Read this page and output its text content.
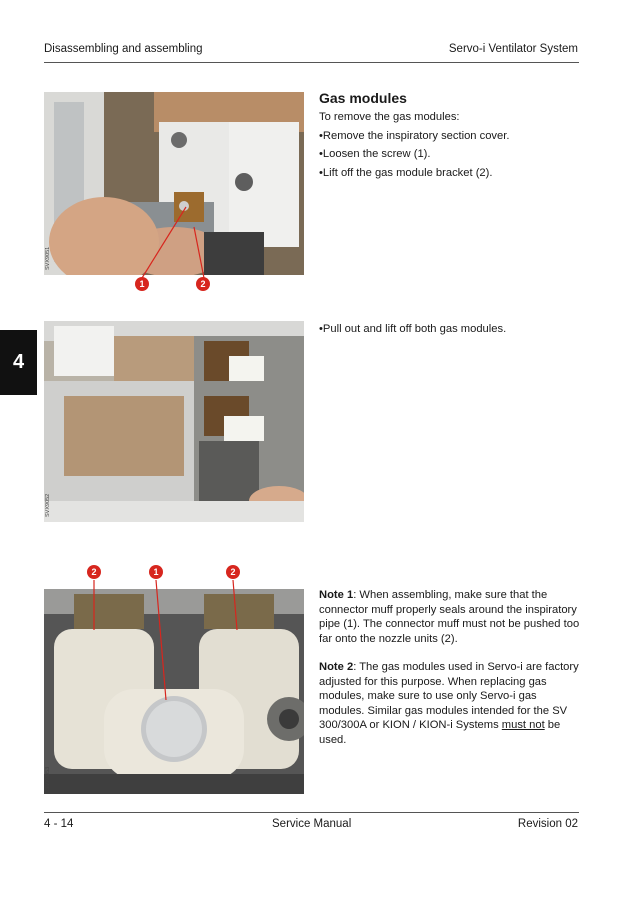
Disassembling and assembling	Servo-i Ventilator System
4
SVX9051
1	2
Gas modules

To remove the gas modules:

• Remove the inspiratory section cover.
• Loosen the screw (1).
• Lift off the gas module bracket (2).
SVX9052
• Pull out and lift off both gas modules.
2	1	2
SVX9053

Note 1: When assembling, make sure that the connector muff properly seals around the inspiratory pipe (1). The connector muff must not be pushed too far onto the nozzle units (2).

Note 2: The gas modules used in Servo-i are factory adjusted for this purpose. When replacing gas modules, make sure to use only Servo-i gas modules. Similar gas modules intended for the SV 300/300A or KION / KION-i Systems must not be used.

4 - 14	Service Manual	Revision 02
